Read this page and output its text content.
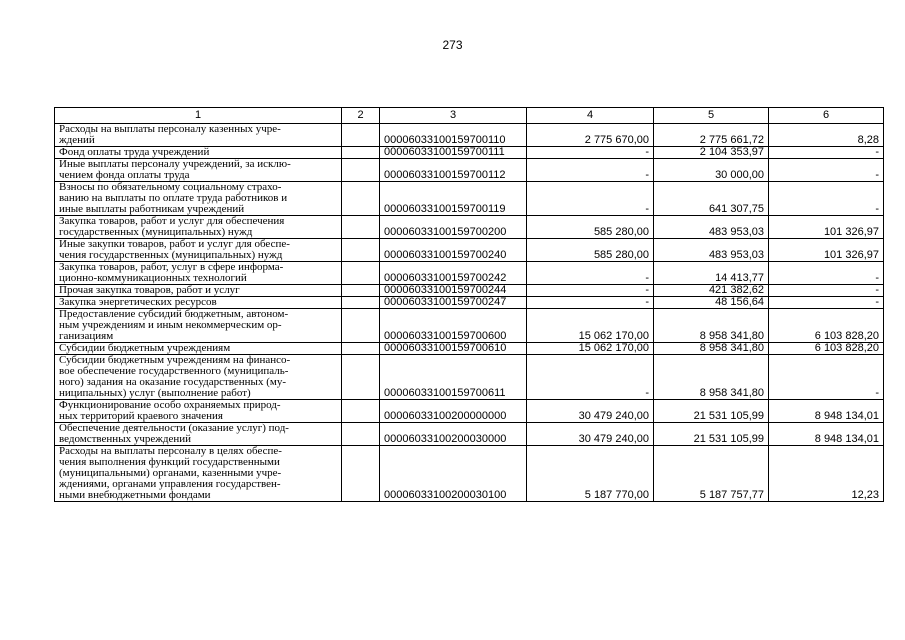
273
1	2	3	4	5	6

Расходы на выплаты персоналу казенных учре-
ждений		00006033100159700110	2 775 670,00	2 775 661,72	8,28

Фонд оплаты труда учреждений		00006033100159700111	-	2 104 353,97	-

Иные выплаты персоналу учреждений, за исклю-
чением фонда оплаты труда		00006033100159700112	-	30 000,00	-

Взносы по обязательному социальному страхо-
ванию на выплаты по оплате труда работников и
иные выплаты работникам учреждений		00006033100159700119	-	641 307,75	-

Закупка товаров, работ и услуг для обеспечения
государственных (муниципальных) нужд		00006033100159700200	585 280,00	483 953,03	101 326,97

Иные закупки товаров, работ и услуг для обеспе-
чения государственных (муниципальных) нужд		00006033100159700240	585 280,00	483 953,03	101 326,97

Закупка товаров, работ, услуг в сфере информа-
ционно-коммуникационных технологий		00006033100159700242	-	14 413,77	-

Прочая закупка товаров, работ и услуг		00006033100159700244	-	421 382,62	-

Закупка энергетических ресурсов		00006033100159700247	-	48 156,64	-

Предоставление субсидий бюджетным, автоном-
ным учреждениям и иным некоммерческим ор-
ганизациям		00006033100159700600	15 062 170,00	8 958 341,80	6 103 828,20

Субсидии бюджетным учреждениям		00006033100159700610	15 062 170,00	8 958 341,80	6 103 828,20

Субсидии бюджетным учреждениям на финансо-
вое обеспечение государственного (муниципаль-
ного) задания на оказание государственных (му-
ниципальных) услуг (выполнение работ)		00006033100159700611	-	8 958 341,80	-

Функционирование особо охраняемых природ-
ных территорий краевого значения		00006033100200000000	30 479 240,00	21 531 105,99	8 948 134,01

Обеспечение деятельности (оказание услуг) под-
ведомственных учреждений		00006033100200030000	30 479 240,00	21 531 105,99	8 948 134,01

Расходы на выплаты персоналу в целях обеспе-
чения выполнения функций государственными
(муниципальными) органами, казенными учре-
ждениями, органами управления государствен-
ными внебюджетными фондами		00006033100200030100	5 187 770,00	5 187 757,77	12,23
